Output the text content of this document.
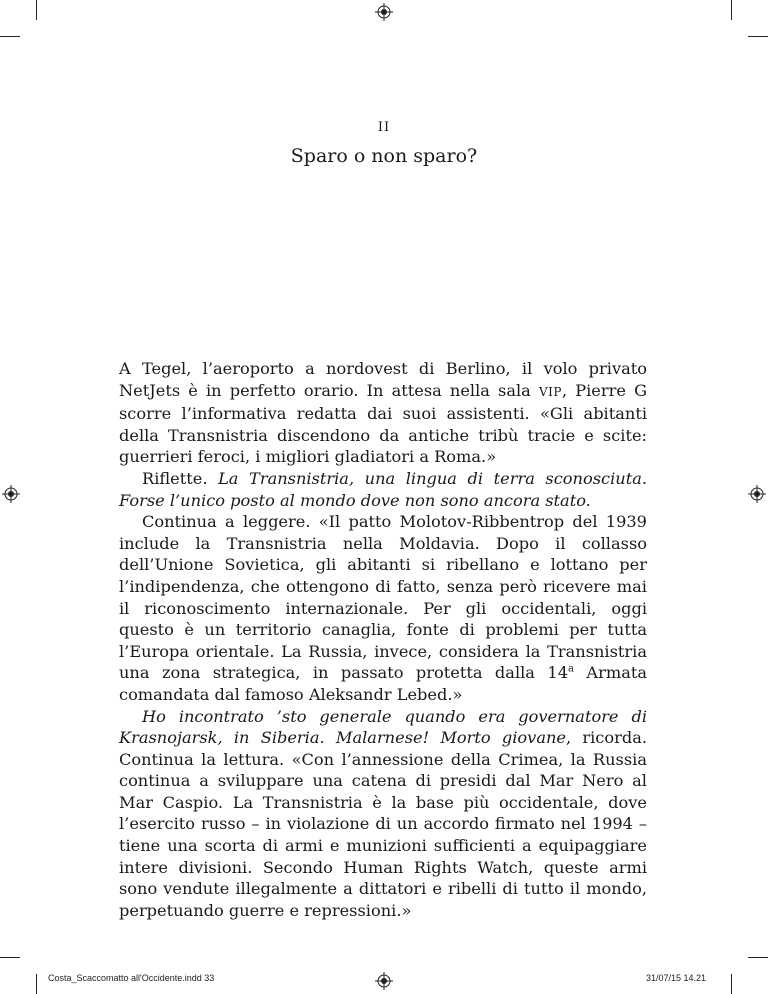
II
Sparo o non sparo?

A Tegel, l’aeroporto a nordovest di Berlino, il volo privato NetJets è in perfetto orario. In attesa nella sala VIP, Pierre G scorre l’informativa redatta dai suoi assistenti. «Gli abitanti della Transnistria discendono da antiche tribù tracie e scite: guerrieri feroci, i migliori gladiatori a Roma.»

Riflette. La Transnistria, una lingua di terra sconosciuta. Forse l’unico posto al mondo dove non sono ancora stato.

Continua a leggere. «Il patto Molotov-Ribbentrop del 1939 include la Transnistria nella Moldavia. Dopo il collasso dell’Unione Sovietica, gli abitanti si ribellano e lottano per l’indipendenza, che ottengono di fatto, senza però ricevere mai il riconoscimento internazionale. Per gli occidentali, oggi questo è un territorio canaglia, fonte di problemi per tutta l’Europa orientale. La Russia, invece, considera la Transnistria una zona strategica, in passato protetta dalla 14$^a$ Armata comandata dal famoso Aleksandr Lebed.»

Ho incontrato ’sto generale quando era governatore di Krasnojarsk, in Siberia. Malarnese! Morto giovane, ricorda. Continua la lettura. «Con l’annessione della Crimea, la Russia continua a sviluppare una catena di presidi dal Mar Nero al Mar Caspio. La Transnistria è la base più occidentale, dove l’esercito russo – in violazione di un accordo firmato nel 1994 – tiene una scorta di armi e munizioni sufficienti a equipaggiare intere divisioni. Secondo Human Rights Watch, queste armi sono vendute illegalmente a dittatori e ribelli di tutto il mondo, perpetuando guerre e repressioni.»

Costa_Scaccomatto all'Occidente.indd 33	31/07/15 14.21
